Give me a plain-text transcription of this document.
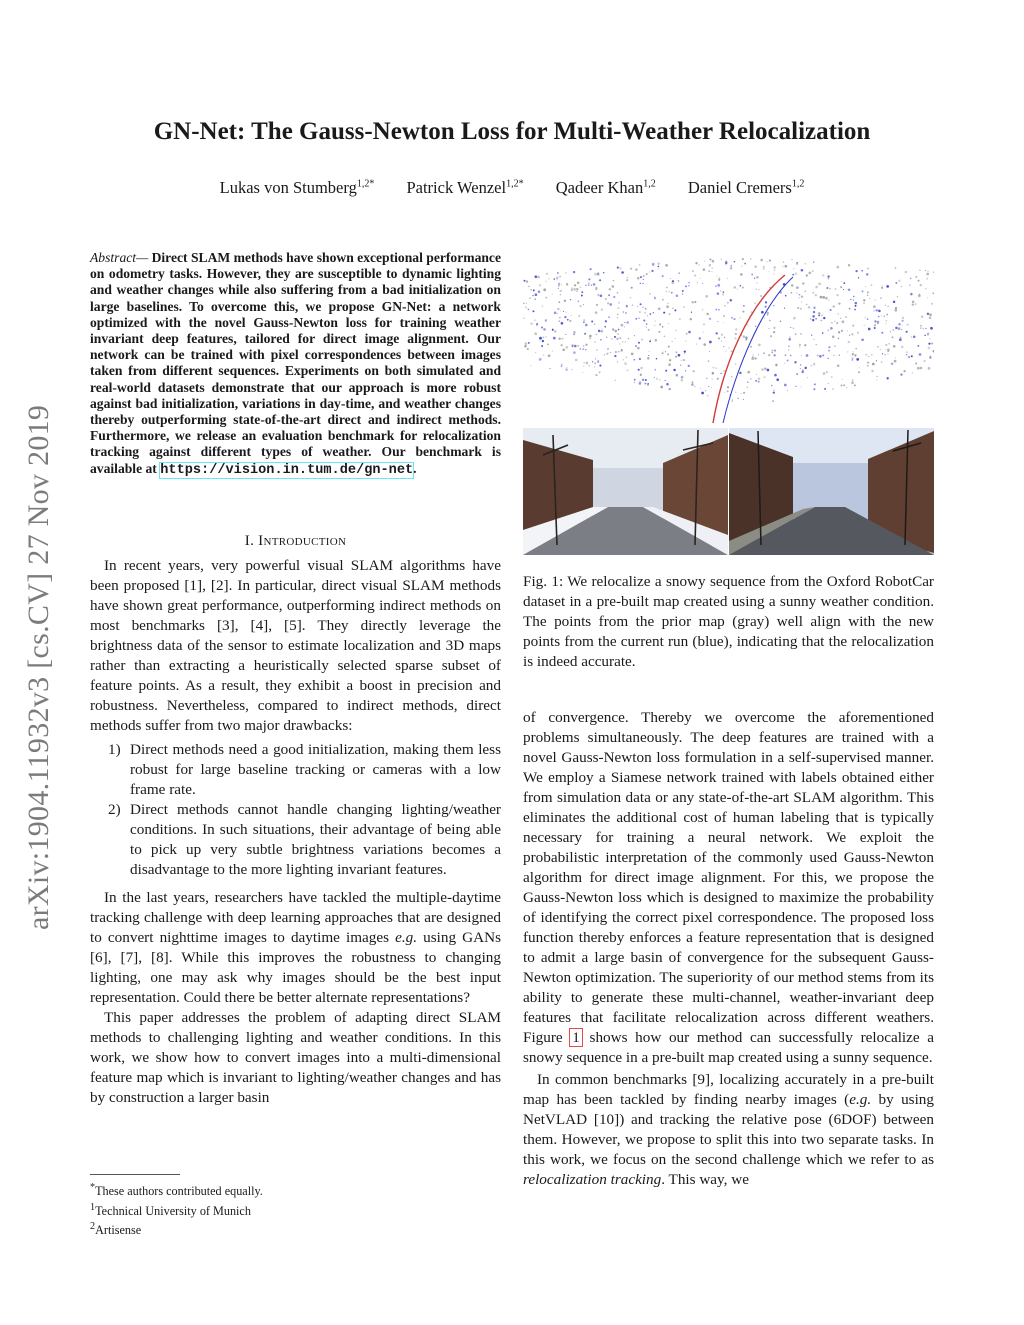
GN-Net: The Gauss-Newton Loss for Multi-Weather Relocalization
Lukas von Stumberg$^{1,2*}$ Patrick Wenzel$^{1,2*}$ Qadeer Khan$^{1,2}$ Daniel Cremers$^{1,2}$
arXiv:1904.11932v3 [cs.CV] 27 Nov 2019
Abstract— Direct SLAM methods have shown exceptional performance on odometry tasks. However, they are susceptible to dynamic lighting and weather changes while also suffering from a bad initialization on large baselines. To overcome this, we propose GN-Net: a network optimized with the novel Gauss-Newton loss for training weather invariant deep features, tailored for direct image alignment. Our network can be trained with pixel correspondences between images taken from different sequences. Experiments on both simulated and real-world datasets demonstrate that our approach is more robust against bad initialization, variations in day-time, and weather changes thereby outperforming state-of-the-art direct and indirect methods. Furthermore, we release an evaluation benchmark for relocalization tracking against different types of weather. Our benchmark is available at https://vision.in.tum.de/gn-net.
I. Introduction

In recent years, very powerful visual SLAM algorithms have been proposed [1], [2]. In particular, direct visual SLAM methods have shown great performance, outperforming indirect methods on most benchmarks [3], [4], [5]. They directly leverage the brightness data of the sensor to estimate localization and 3D maps rather than extracting a heuristically selected sparse subset of feature points. As a result, they exhibit a boost in precision and robustness. Nevertheless, compared to indirect methods, direct methods suffer from two major drawbacks:

1) Direct methods need a good initialization, making them less robust for large baseline tracking or cameras with a low frame rate.
2) Direct methods cannot handle changing lighting/weather conditions. In such situations, their advantage of being able to pick up very subtle brightness variations becomes a disadvantage to the more lighting invariant features.

In the last years, researchers have tackled the multiple-daytime tracking challenge with deep learning approaches that are designed to convert nighttime images to daytime images e.g. using GANs [6], [7], [8]. While this improves the robustness to changing lighting, one may ask why images should be the best input representation. Could there be better alternate representations?

This paper addresses the problem of adapting direct SLAM methods to challenging lighting and weather conditions. In this work, we show how to convert images into a multi-dimensional feature map which is invariant to lighting/weather changes and has by construction a larger basin

*These authors contributed equally.
$^1$Technical University of Munich
$^2$Artisense
Fig. 1: We relocalize a snowy sequence from the Oxford RobotCar dataset in a pre-built map created using a sunny weather condition. The points from the prior map (gray) well align with the new points from the current run (blue), indicating that the relocalization is indeed accurate.

of convergence. Thereby we overcome the aforementioned problems simultaneously. The deep features are trained with a novel Gauss-Newton loss formulation in a self-supervised manner. We employ a Siamese network trained with labels obtained either from simulation data or any state-of-the-art SLAM algorithm. This eliminates the additional cost of human labeling that is typically necessary for training a neural network. We exploit the probabilistic interpretation of the commonly used Gauss-Newton algorithm for direct image alignment. For this, we propose the Gauss-Newton loss which is designed to maximize the probability of identifying the correct pixel correspondence. The proposed loss function thereby enforces a feature representation that is designed to admit a large basin of convergence for the subsequent Gauss-Newton optimization. The superiority of our method stems from its ability to generate these multi-channel, weather-invariant deep features that facilitate relocalization across different weathers. Figure 1 shows how our method can successfully relocalize a snowy sequence in a pre-built map created using a sunny sequence.

In common benchmarks [9], localizing accurately in a pre-built map has been tackled by finding nearby images (e.g. by using NetVLAD [10]) and tracking the relative pose (6DOF) between them. However, we propose to split this into two separate tasks. In this work, we focus on the second challenge which we refer to as relocalization tracking. This way, we
